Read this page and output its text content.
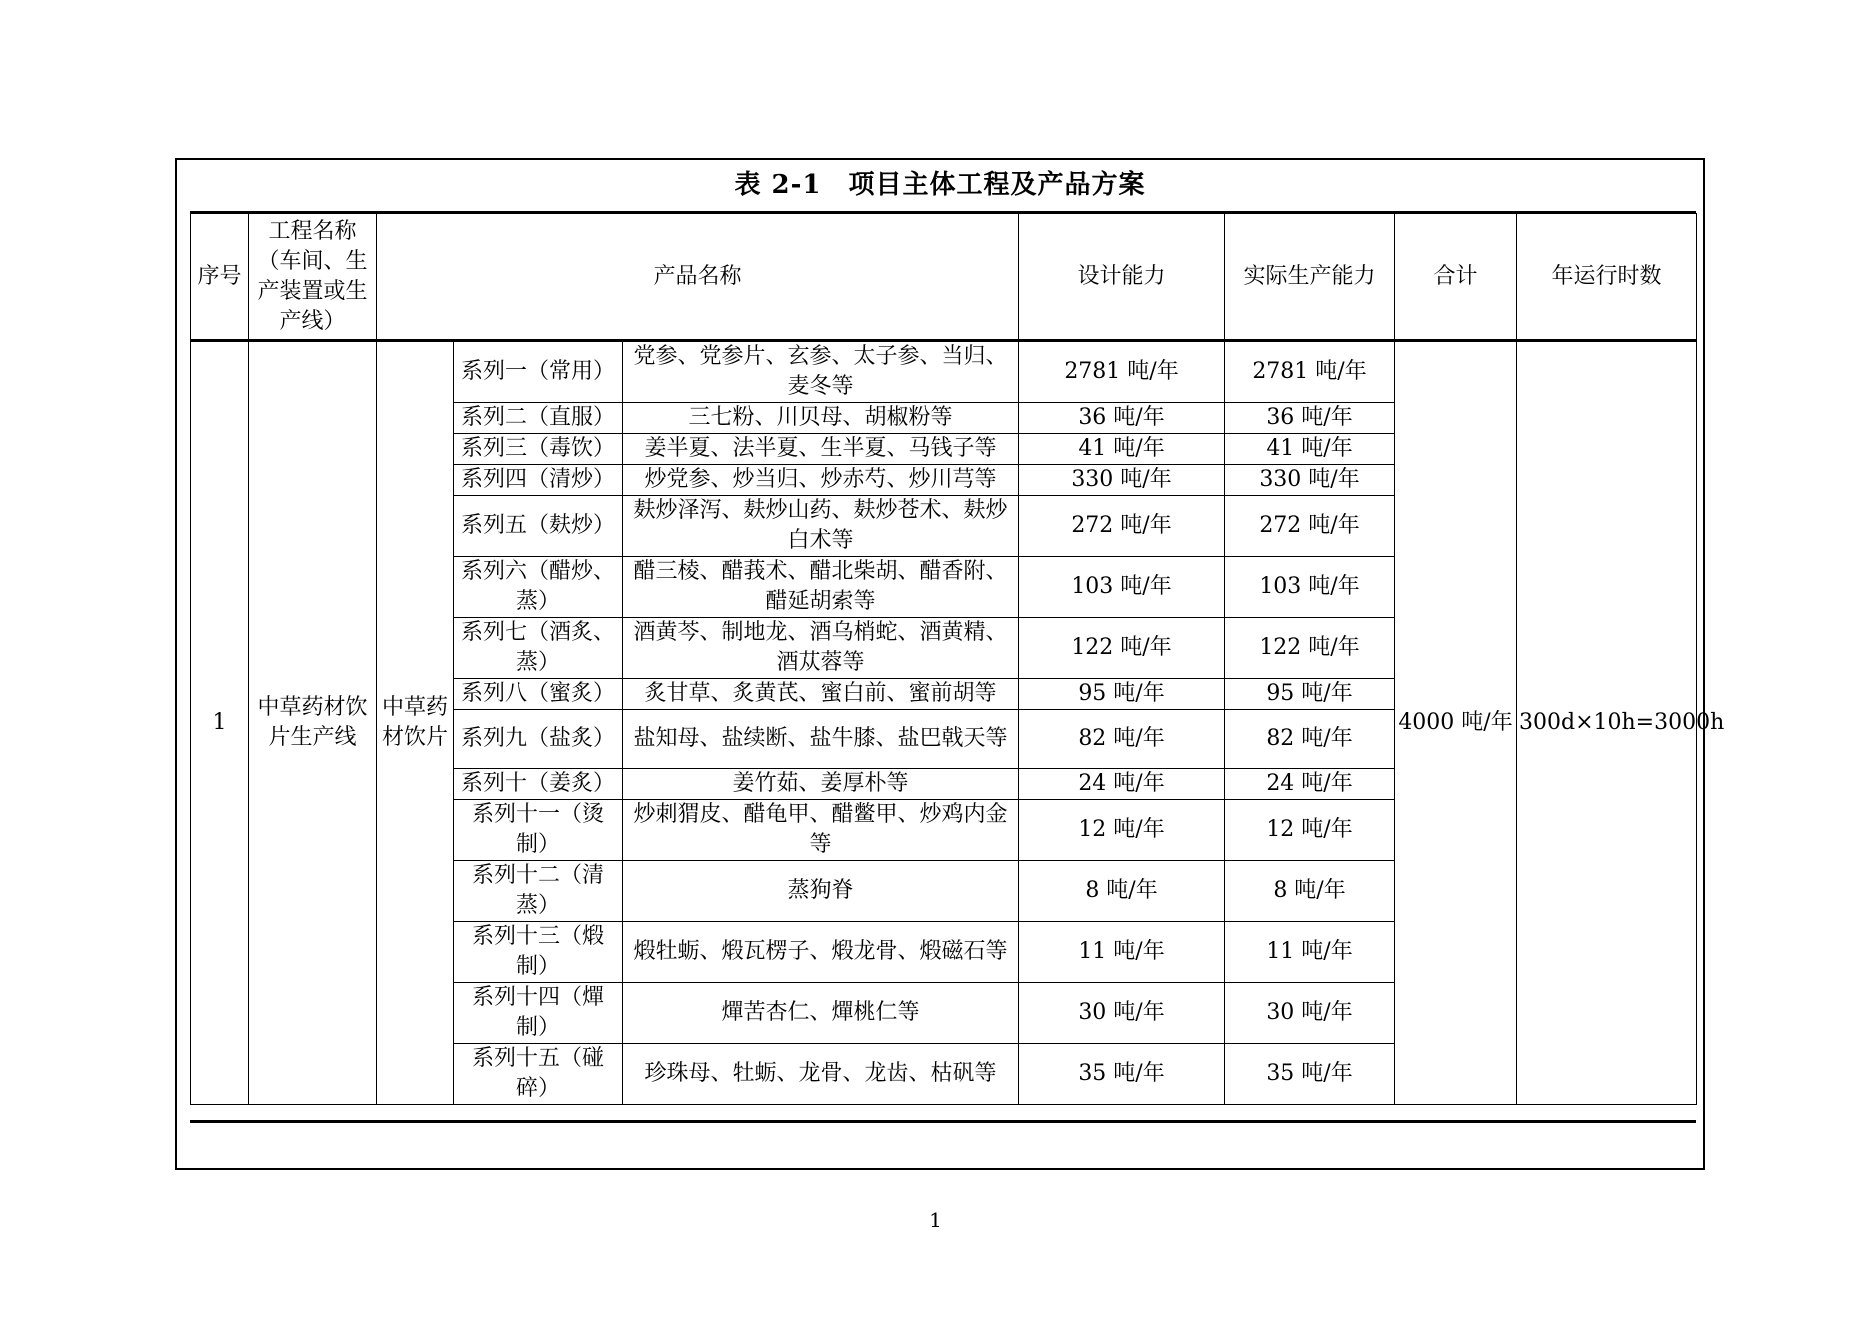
表 2-1　项目主体工程及产品方案
序号	工程名称（车间、生产装置或生产线）	产品名称			设计能力	实际生产能力	合计	年运行时数
1	中草药材饮片生产线	中草药材饮片	系列一（常用）	党参、党参片、玄参、太子参、当归、麦冬等	2781 吨/年	2781 吨/年	4000 吨/年	300d×10h=3000h
			系列二（直服）	三七粉、川贝母、胡椒粉等	36 吨/年	36 吨/年		
			系列三（毒饮）	姜半夏、法半夏、生半夏、马钱子等	41 吨/年	41 吨/年		
			系列四（清炒）	炒党参、炒当归、炒赤芍、炒川芎等	330 吨/年	330 吨/年		
			系列五（麸炒）	麸炒泽泻、麸炒山药、麸炒苍术、麸炒白术等	272 吨/年	272 吨/年		
			系列六（醋炒、蒸）	醋三棱、醋莪术、醋北柴胡、醋香附、醋延胡索等	103 吨/年	103 吨/年		
			系列七（酒炙、蒸）	酒黄芩、制地龙、酒乌梢蛇、酒黄精、酒苁蓉等	122 吨/年	122 吨/年		
			系列八（蜜炙）	炙甘草、炙黄芪、蜜白前、蜜前胡等	95 吨/年	95 吨/年		
			系列九（盐炙）	盐知母、盐续断、盐牛膝、盐巴戟天等	82 吨/年	82 吨/年		
			系列十（姜炙）	姜竹茹、姜厚朴等	24 吨/年	24 吨/年		
			系列十一（烫制）	炒刺猬皮、醋龟甲、醋鳖甲、炒鸡内金等	12 吨/年	12 吨/年		
			系列十二（清蒸）	蒸狗脊	8 吨/年	8 吨/年		
			系列十三（煅制）	煅牡蛎、煅瓦楞子、煅龙骨、煅磁石等	11 吨/年	11 吨/年		
			系列十四（燀制）	燀苦杏仁、燀桃仁等	30 吨/年	30 吨/年		
			系列十五（碰碎）	珍珠母、牡蛎、龙骨、龙齿、枯矾等	35 吨/年	35 吨/年		
1
